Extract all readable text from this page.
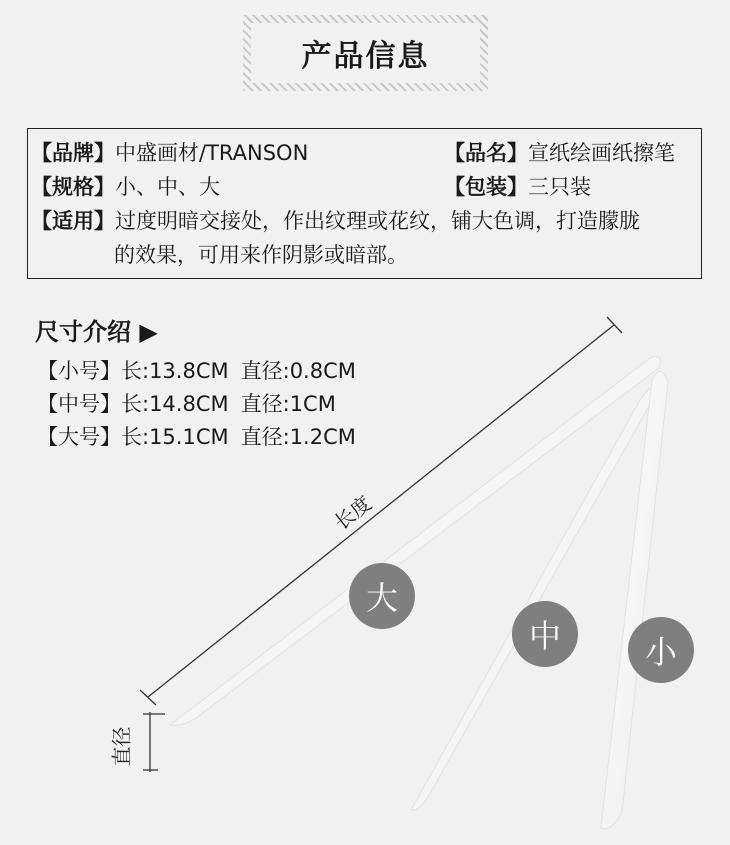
产品信息
【品牌】中盛画材/TRANSON	【品名】宣纸绘画纸擦笔
【规格】小、中、大	【包装】三只装
【适用】过度明暗交接处，作出纹理或花纹，铺大色调，打造朦胧
的效果，可用来作阴影或暗部。
尺寸介绍 ▶
【小号】长:13.8CM 直径:0.8CM
【中号】长:14.8CM 直径:1CM
【大号】长:15.1CM 直径:1.2CM
长度
直径
大
中	小
